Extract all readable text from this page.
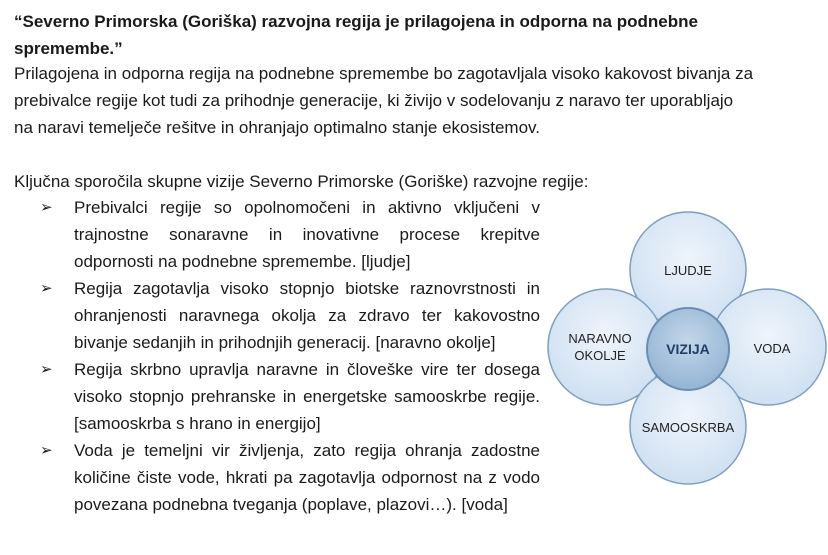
“Severno Primorska (Goriška) razvojna regija je prilagojena in odporna na podnebne spremembe.”
Prilagojena in odporna regija na podnebne spremembe bo zagotavljala visoko kakovost bivanja za prebivalce regije kot tudi za prihodnje generacije, ki živijo v sodelovanju z naravo ter uporabljajo na naravi temelječe rešitve in ohranjajo optimalno stanje ekosistemov.
Ključna sporočila skupne vizije Severno Primorske (Goriške) razvojne regije:
➢ Prebivalci regije so opolnomočeni in aktivno vključeni v trajnostne sonaravne in inovativne procese krepitve odpornosti na podnebne spremembe. [ljudje]
➢ Regija zagotavlja visoko stopnjo biotske raznovrstnosti in ohranjenosti naravnega okolja za zdravo ter kakovostno bivanje sedanjih in prihodnjih generacij. [naravno okolje]
➢ Regija skrbno upravlja naravne in človeške vire ter dosega visoko stopnjo prehranske in energetske samooskrbe regije. [samooskrba s hrano in energijo]
➢ Voda je temeljni vir življenja, zato regija ohranja zadostne količine čiste vode, hkrati pa zagotavlja odpornost na z vodo povezana podnebna tveganja (poplave, plazovi…). [voda]
LJUDJE
NARAVNO
OKOLJE	VODA
SAMOOSKRBA
VIZIJA
